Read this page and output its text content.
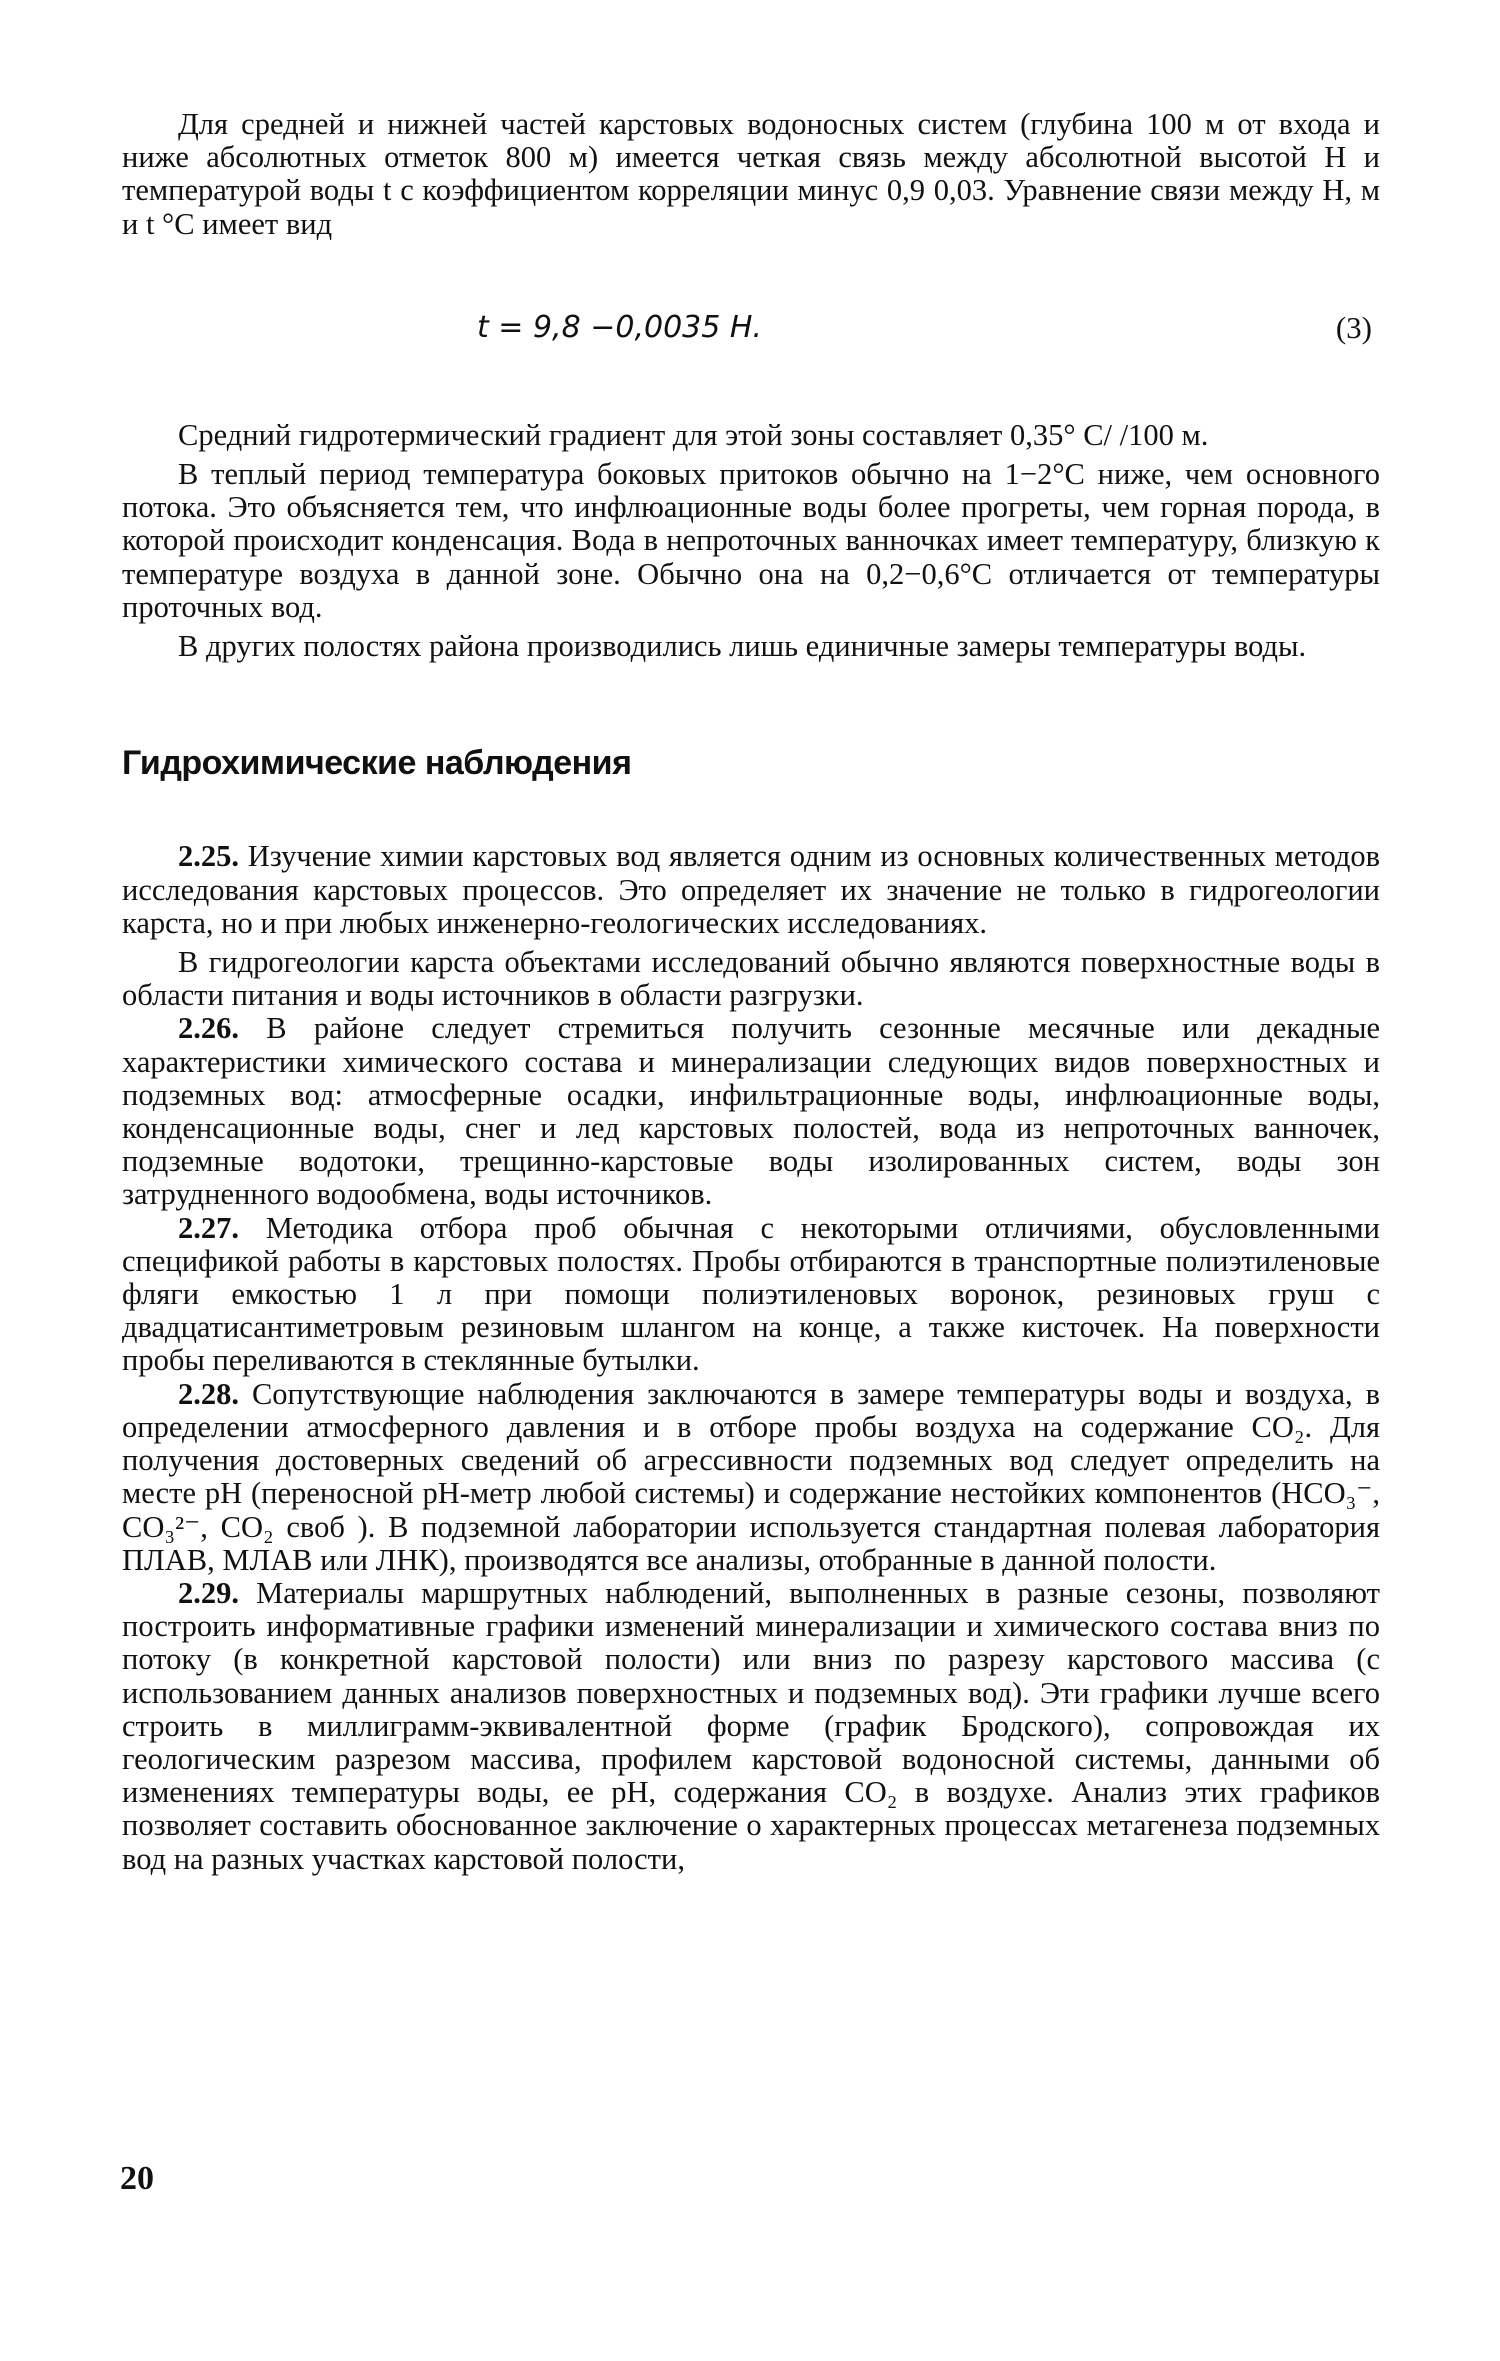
Для средней и нижней частей карстовых водоносных систем (глубина 100 м от входа и ниже абсолютных отметок 800 м) имеется четкая связь между абсолютной высотой Н и температурой воды t с коэффициентом корреляции минус 0,9 0,03. Уравнение связи между Н, м и t °С имеет вид

t = 9,8 −0,0035 H.	(3)

Средний гидротермический градиент для этой зоны составляет 0,35° С/ /100 м.

В теплый период температура боковых притоков обычно на 1−2°С ниже, чем основного потока. Это объясняется тем, что инфлюационные воды более прогреты, чем горная порода, в которой происходит конденсация. Вода в непроточных ванночках имеет температуру, близкую к температуре воздуха в данной зоне. Обычно она на 0,2−0,6°С отличается от температуры проточных вод.

В других полостях района производились лишь единичные замеры температуры воды.

Гидрохимические наблюдения

2.25. Изучение химии карстовых вод является одним из основных количественных методов исследования карстовых процессов. Это определяет их значение не только в гидрогеологии карста, но и при любых инженерно-геологических исследованиях.

В гидрогеологии карста объектами исследований обычно являются поверхностные воды в области питания и воды источников в области разгрузки.

2.26. В районе следует стремиться получить сезонные месячные или декадные характеристики химического состава и минерализации следующих видов поверхностных и подземных вод: атмосферные осадки, инфильтрационные воды, инфлюационные воды, конденсационные воды, снег и лед карстовых полостей, вода из непроточных ванночек, подземные водотоки, трещинно-карстовые воды изолированных систем, воды зон затрудненного водообмена, воды источников.

2.27. Методика отбора проб обычная с некоторыми отличиями, обусловленными спецификой работы в карстовых полостях. Пробы отбираются в транспортные полиэтиленовые фляги емкостью 1 л при помощи полиэтиленовых воронок, резиновых груш с двадцатисантиметровым резиновым шлангом на конце, а также кисточек. На поверхности пробы переливаются в стеклянные бутылки.

2.28. Сопутствующие наблюдения заключаются в замере температуры воды и воздуха, в определении атмосферного давления и в отборе пробы воздуха на содержание CO₂. Для получения достоверных сведений об агрессивности подземных вод следует определить на месте pH (переносной pH-метр любой системы) и содержание нестойких компонентов (HCO₃⁻, CO₃²⁻, CO₂ своб ). В подземной лаборатории используется стандартная полевая лаборатория ПЛАВ, МЛАВ или ЛНК), производятся все анализы, отобранные в данной полости.

2.29. Материалы маршрутных наблюдений, выполненных в разные сезоны, позволяют построить информативные графики изменений минерализации и химического состава вниз по потоку (в конкретной карстовой полости) или вниз по разрезу карстового массива (с использованием данных анализов поверхностных и подземных вод). Эти графики лучше всего строить в миллиграмм-эквивалентной форме (график Бродского), сопровождая их геологическим разрезом массива, профилем карстовой водоносной системы, данными об изменениях температуры воды, ее pH, содержания CO₂ в воздухе. Анализ этих графиков позволяет составить обоснованное заключение о характерных процессах метагенеза подземных вод на разных участках карстовой полости,

20
